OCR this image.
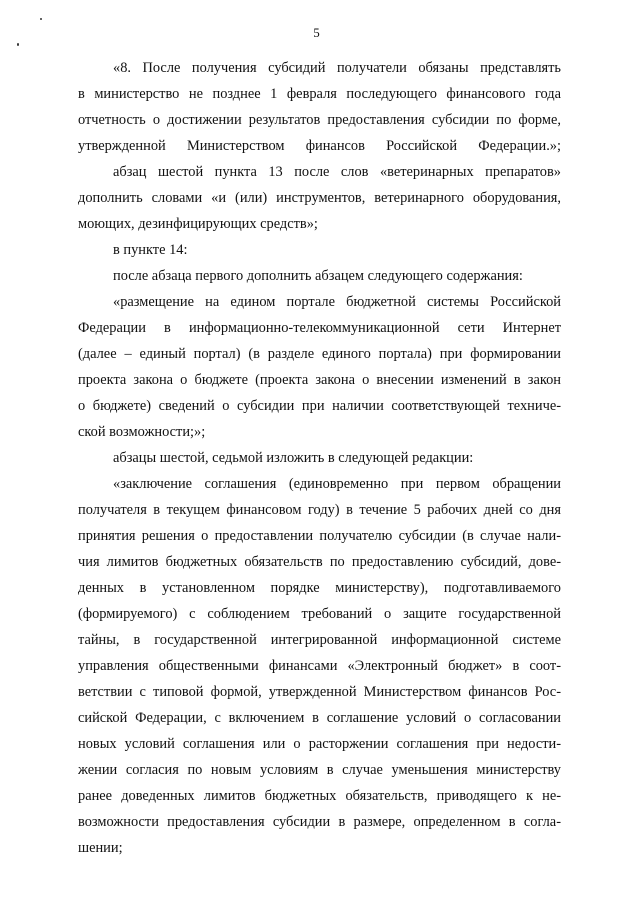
5
«8. После получения субсидий получатели обязаны представлять
в министерство не позднее 1 февраля последующего финансового года
отчетность о достижении результатов предоставления субсидии по форме,
утвержденной Министерством финансов Российской Федерации.»;
абзац шестой пункта 13 после слов «ветеринарных препаратов»
дополнить словами «и (или) инструментов, ветеринарного оборудования,
моющих, дезинфицирующих средств»;
в пункте 14:
после абзаца первого дополнить абзацем следующего содержания:
«размещение на едином портале бюджетной системы Российской
Федерации в информационно-телекоммуникационной сети Интернет
(далее – единый портал) (в разделе единого портала) при формировании
проекта закона о бюджете (проекта закона о внесении изменений в закон
о бюджете) сведений о субсидии при наличии соответствующей техниче-
ской возможности;»;
абзацы шестой, седьмой изложить в следующей редакции:
«заключение соглашения (единовременно при первом обращении
получателя в текущем финансовом году) в течение 5 рабочих дней со дня
принятия решения о предоставлении получателю субсидии (в случае нали-
чия лимитов бюджетных обязательств по предоставлению субсидий, дове-
денных в установленном порядке министерству), подготавливаемого
(формируемого) с соблюдением требований о защите государственной
тайны, в государственной интегрированной информационной системе
управления общественными финансами «Электронный бюджет» в соот-
ветствии с типовой формой, утвержденной Министерством финансов Рос-
сийской Федерации, с включением в соглашение условий о согласовании
новых условий соглашения или о расторжении соглашения при недости-
жении согласия по новым условиям в случае уменьшения министерству
ранее доведенных лимитов бюджетных обязательств, приводящего к не-
возможности предоставления субсидии в размере, определенном в согла-
шении;
